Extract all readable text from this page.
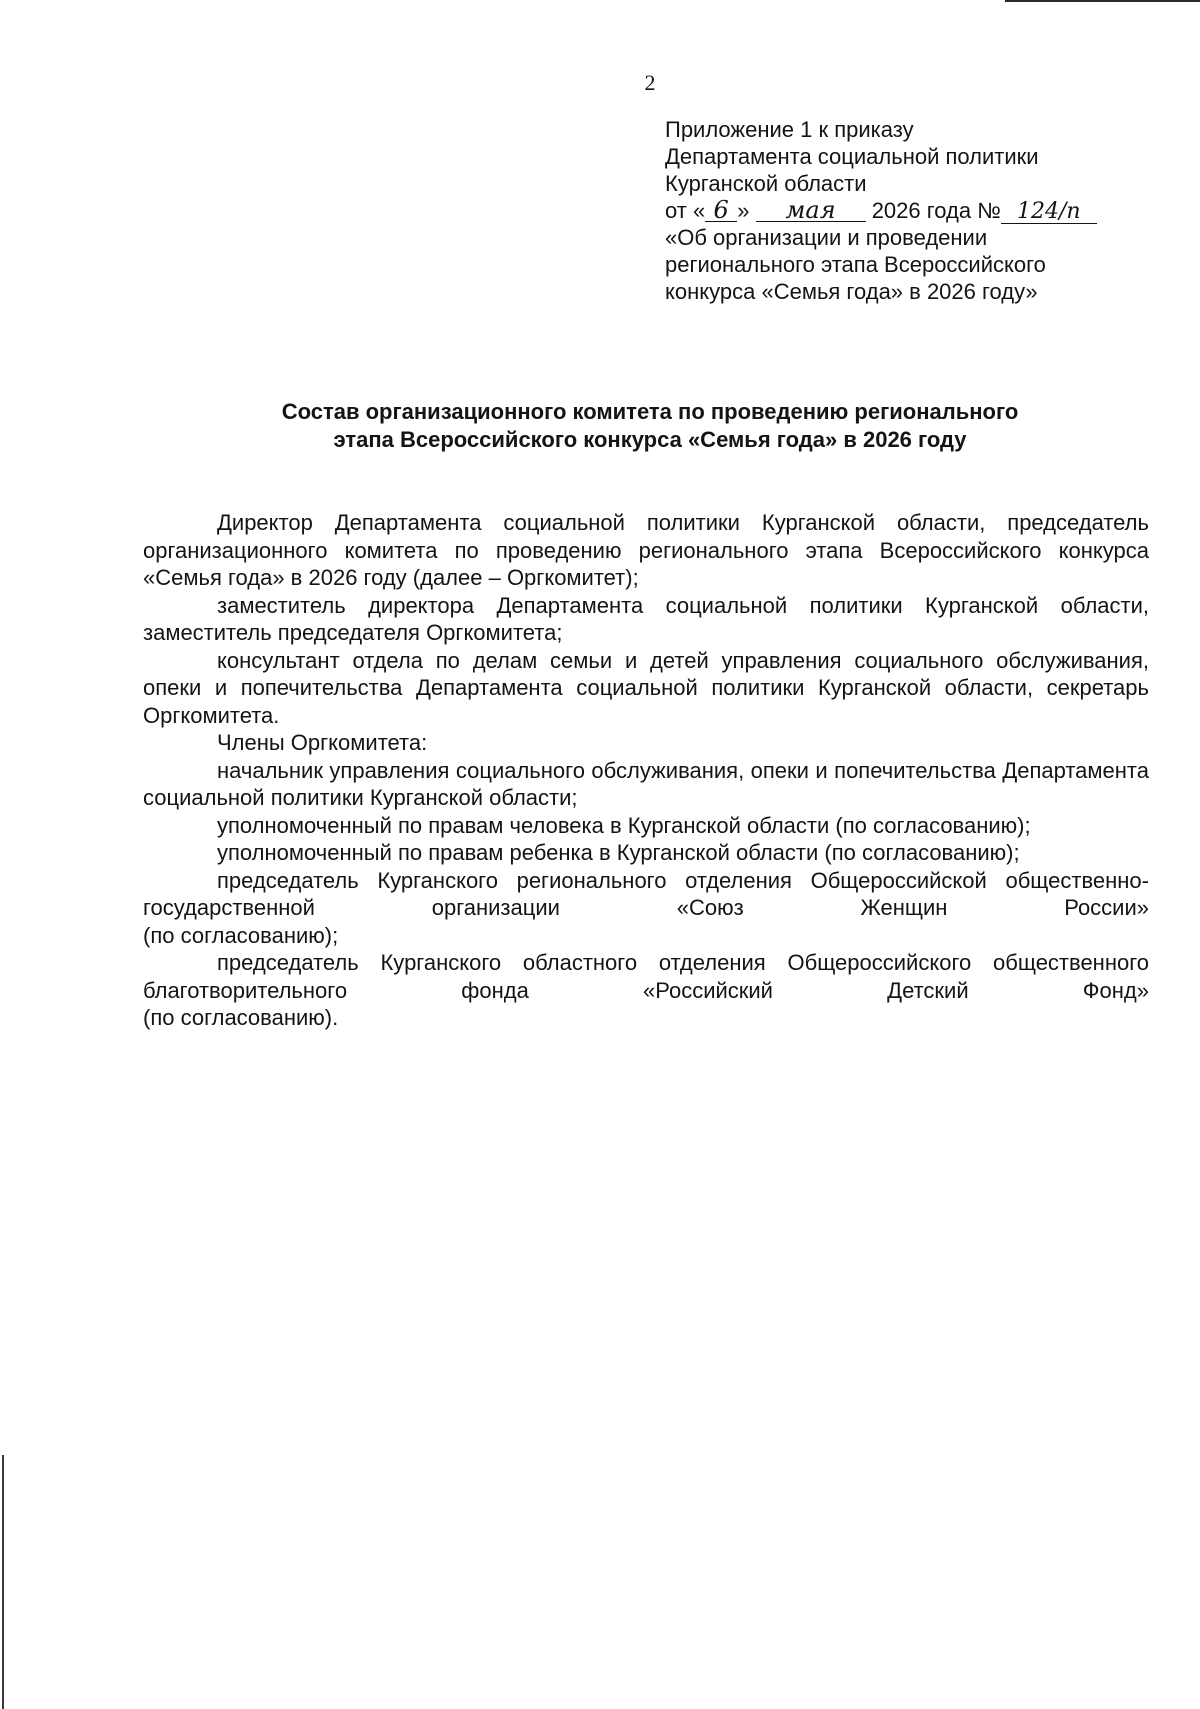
2
Приложение 1 к приказу
Департамента социальной политики
Курганской области
от « 6 » мая 2026 года № 124/п
«Об организации и проведении
регионального этапа Всероссийского
конкурса «Семья года» в 2026 году»
Состав организационного комитета по проведению регионального
этапа Всероссийского конкурса «Семья года» в 2026 году

Директор Департамента социальной политики Курганской области, председатель организационного комитета по проведению регионального этапа Всероссийского конкурса «Семья года» в 2026 году (далее – Оргкомитет);

заместитель директора Департамента социальной политики Курганской области, заместитель председателя Оргкомитета;

консультант отдела по делам семьи и детей управления социального обслуживания, опеки и попечительства Департамента социальной политики Курганской области, секретарь Оргкомитета.

Члены Оргкомитета:

начальник управления социального обслуживания, опеки и попечительства Департамента социальной политики Курганской области;

уполномоченный по правам человека в Курганской области (по согласованию);

уполномоченный по правам ребенка в Курганской области (по согласованию);

председатель Курганского регионального отделения Общероссийской общественно-государственной организации «Союз Женщин России»

(по согласованию);

председатель Курганского областного отделения Общероссийского общественного благотворительного фонда «Российский Детский Фонд»

(по согласованию).
